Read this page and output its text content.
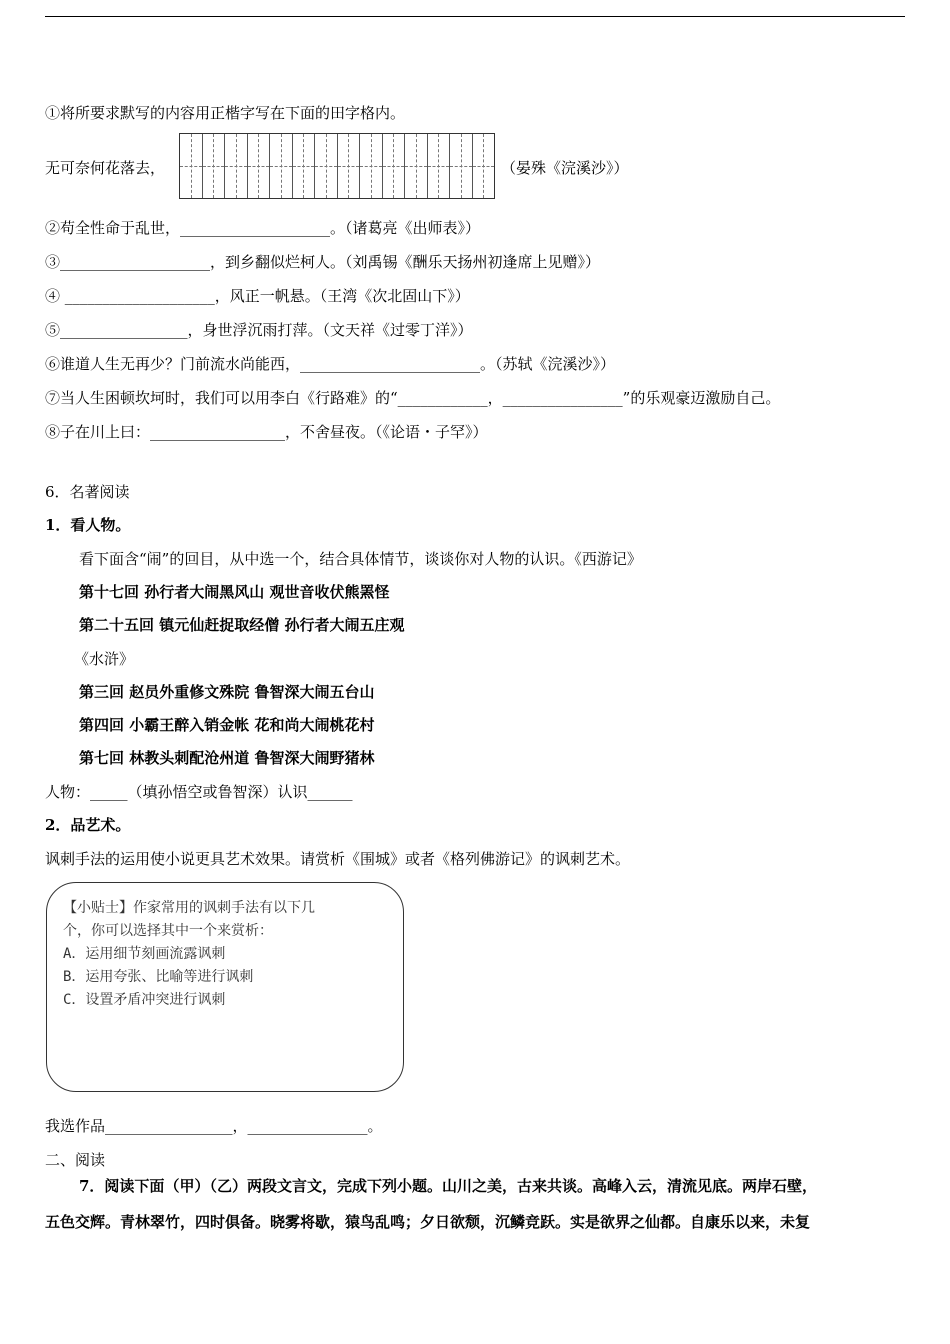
①将所要求默写的内容用正楷字写在下面的田字格内。
无可奈何花落去，	（晏殊《浣溪沙》）
②苟全性命于乱世，____________________。（诸葛亮《出师表》）
③____________________，到乡翻似烂柯人。（刘禹锡《酬乐天扬州初逢席上见赠》）
④ ____________________，风正一帆悬。（王湾《次北固山下》）
⑤_________________，身世浮沉雨打萍。（文天祥《过零丁洋》）
⑥谁道人生无再少？门前流水尚能西，________________________。（苏轼《浣溪沙》）
⑦当人生困顿坎坷时，我们可以用李白《行路难》的“____________，________________”的乐观豪迈激励自己。
⑧子在川上曰：__________________，不舍昼夜。（《论语・子罕》）
6．名著阅读
1．看人物。
看下面含“闹”的回目，从中选一个，结合具体情节，谈谈你对人物的认识。《西游记》
第十七回 孙行者大闹黑风山 观世音收伏熊罴怪
第二十五回 镇元仙赶捉取经僧 孙行者大闹五庄观
《水浒》
第三回 赵员外重修文殊院 鲁智深大闹五台山
第四回 小霸王醉入销金帐 花和尚大闹桃花村
第七回 林教头刺配沧州道 鲁智深大闹野猪林
人物：_____（填孙悟空或鲁智深）认识______
2．品艺术。
讽刺手法的运用使小说更具艺术效果。请赏析《围城》或者《格列佛游记》的讽刺艺术。
【小贴士】作家常用的讽刺手法有以下几
个，你可以选择其中一个来赏析：
A．运用细节刻画流露讽刺
B．运用夸张、比喻等进行讽刺
C．设置矛盾冲突进行讽刺
我选作品_________________，________________。
二、阅读
7．阅读下面（甲）（乙）两段文言文，完成下列小题。山川之美，古来共谈。高峰入云，清流见底。两岸石壁，
五色交辉。青林翠竹，四时俱备。晓雾将歇，猿鸟乱鸣；夕日欲颓，沉鳞竞跃。实是欲界之仙都。自康乐以来，未复
